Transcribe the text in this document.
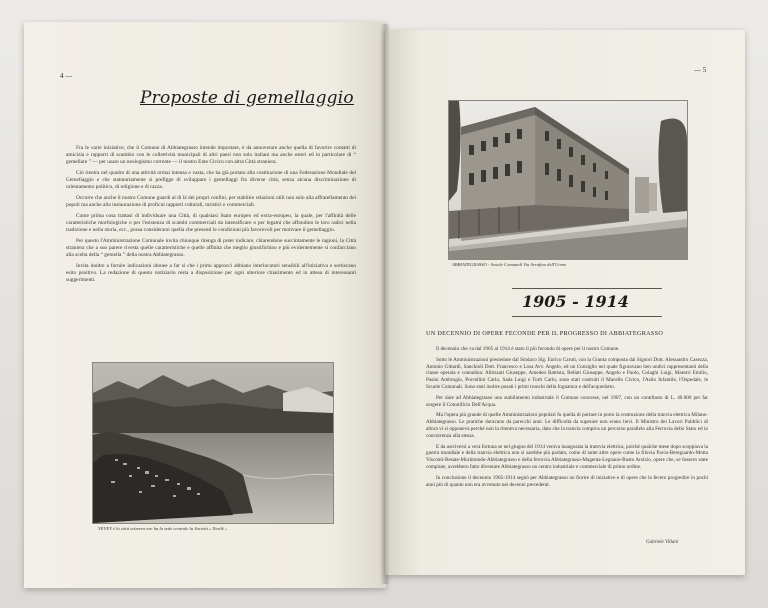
4 —
Proposte di gemellaggio

Fra le varie iniziative, che il Comune di Abbiategrasso intende impostare, è da annoverare anche quella di favorire contatti di amicizia e rapporti di scambio con le collettività municipali di altri paesi non solo italiani ma anche esteri ed in particolare di “ gemellare ” — per usare un neologismo corrente — il nostro Ente Civico con altra Città straniera.

Ciò rientra nel quadro di una attività ormai intensa e vasta, che ha già portato alla costituzione di una Federazione Mondiale del Gemellaggio e che statutariamente si prefigge di sviluppare i gemellaggi fra diverse città, senza alcuna discriminazione di orientamento politico, di religione e di razza.

Occorre che anche il nostro Comune guardi al di là dei propri confini, per stabilire relazioni utili non solo alla affratellamento dei popoli ma anche alla instaurazione di proficui rapporti culturali, turistici e commerciali.

Come prima cosa trattasi di individuare una Città, di qualsiasi Stato europeo ed extra-europeo, la quale, per l'affinità delle caratteristiche morfologiche o per l'esistenza di scambi commerciali da intensificare o per legami che affondino le loro radici nella tradizione e nella storia, ecc., possa considerarsi quella che presenti le condizioni più favorevoli per motivare il gemellaggio.

Per questo l'Amministrazione Comunale invita chiunque ritenga di poter indicare, chiarendone succintamente le ragioni, la Città straniera che a suo parere rivesta quelle caratteristiche e quelle affinità che meglio giustifichino e più evidentemente si confacciano alla scelta della “ gemella ” della nostra Abbiategrasso.

Invita inoltre a fornire indicazioni idonee a far sì che i primi approcci abbiano interlocutori sensibili all'iniziativa e sortiscano esito positivo. La redazione di questo notiziario resta a disposizione per ogni ulteriore chiarimento ed in attesa di interessanti suggerimenti.

VEVEY è la città svizzera ove ha la sede centrale la Società « Nestlé »
— 5
ABBIATEGRASSO - Scuole Comunali Via Serafino dell'Uomo
1905 - 1914
UN DECENNIO DI OPERE FECONDE PER IL PROGRESSO DI ABBIATEGRASSO

Il decennio che va dal 1905 al 1914 è stato il più fecondo di opere per il nostro Comune.

Sotto le Amministrazioni presiedute dal Sindaco Sig. Enrico Caruti, con la Giunta composta dai Signori Dott. Alessandro Casezza, Antonio Gittardi, Sanchioli Dott. Francesco e Losa Avv. Angelo, ed un Consiglio nel quale figuravano ben undici rappresentanti della classe operaia e contadina: Albizzati Giuseppe, Amedeo Battista, Bellati Giuseppe, Angelo e Paolo, Colaghi Luigi, Maestri Emilio, Pasini Ambrogio, Porcellini Carlo, Sada Luigi e Torti Carlo, sono stati costruiti il Macello Civico, l'Asilo Infantile, l'Ospedale, le Scuole Comunali. Sono stati inoltre posati i primi tronchi della fognatura e dell'acquedotto.

Per dare ad Abbiategrasso uno stabilimento industriale il Comune concesse, nel 1907, con un contributo di L. 40.000 per far sorgere il Cotonificio Dell'Acqua.

Ma l'opera più grande di quelle Amministrazioni popolari fu quella di portare in porto la costruzione della tranvia elettrica Milano-Abbiategrasso. Le pratiche duravano da parecchi anni. Le difficoltà da superare non erano lievi. Il Ministro dei Lavori Pubblici di allora vi si opponeva perché non la riteneva necessaria, dato che la tranvia compiva un percorso parallelo alla Ferrovia dello Stato ed in concorrenza alla stessa.

E da ascriversi a vera fortuna se nel giugno del 1914 veniva inaugurata la tramvia elettrica, poiché qualche mese dopo scoppiava la guerra mondiale e della tranvia elettrica non si sarebbe più parlato, come di tante altre opere come la filovia Pavia-Bereguardo-Motta Visconti-Besate-Morimondo-Abbiategrasso e della ferrovia Abbiategrasso-Magenta-Legnano-Busto Arsizio, opere che, se fossero state compiute, avrebbero fatto diventare Abbiategrasso un centro industriale e commerciale di primo ordine.

In conclusione il decennio 1905-1914 segnò per Abbiategrasso un fiorire di iniziative e di opere che la fecero progredire in pochi anni più di quanto non era avvenuto nei decenni precedenti.

Gabriele Villani
